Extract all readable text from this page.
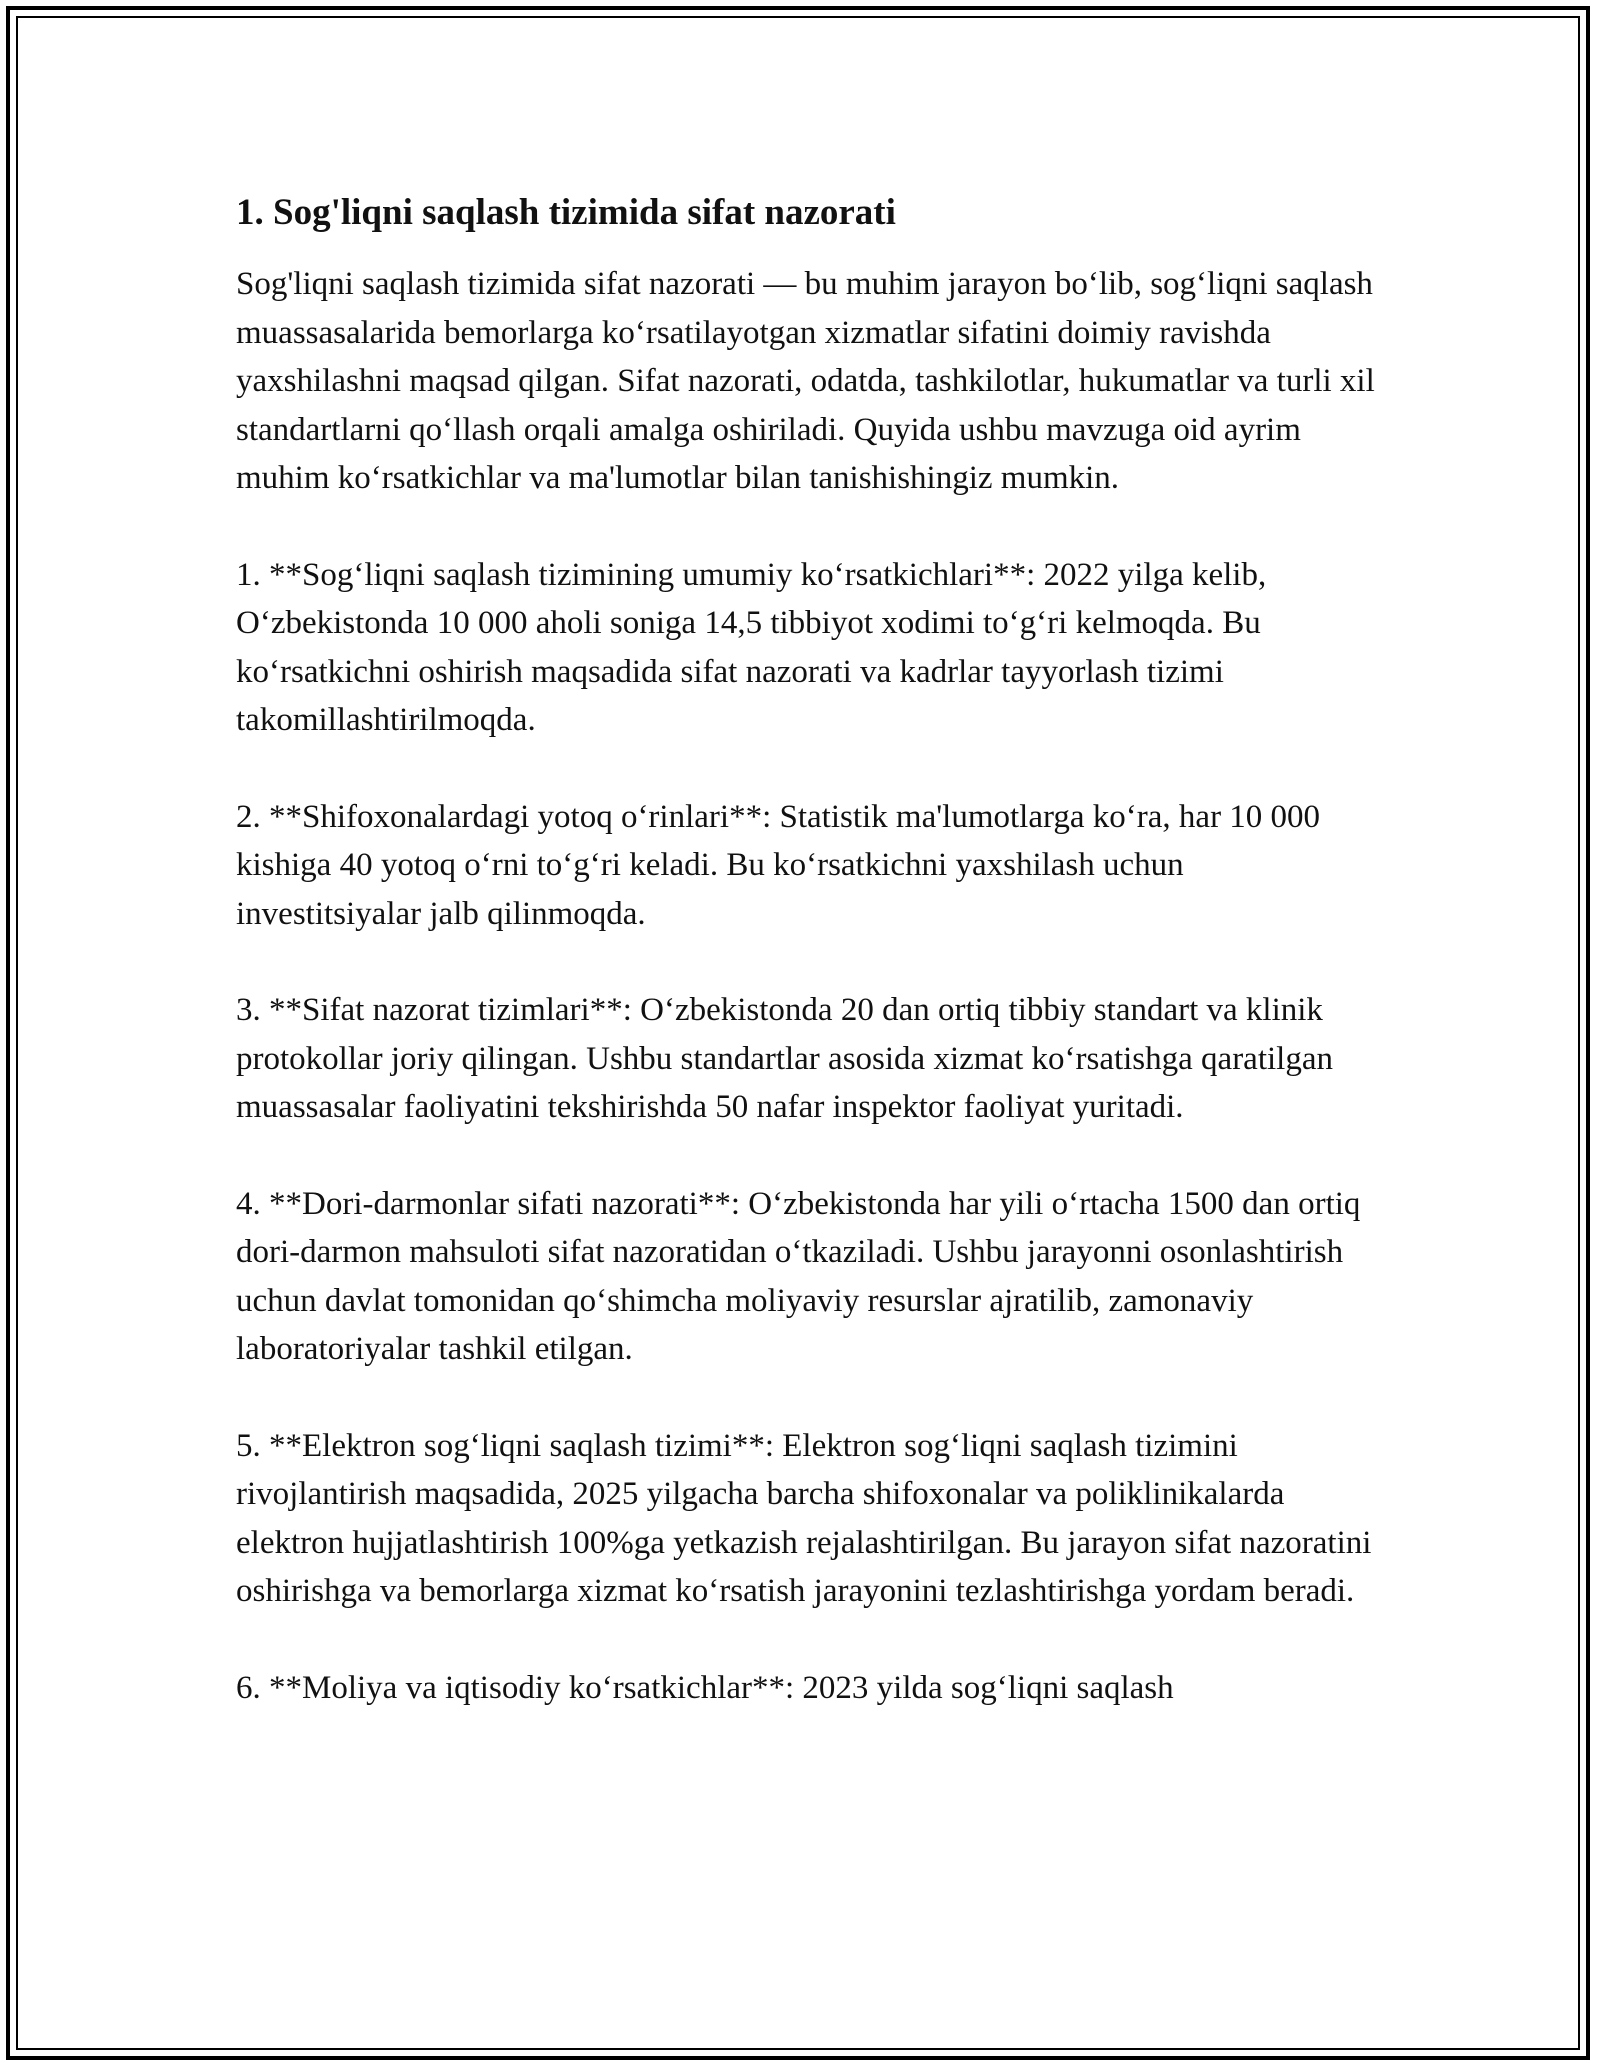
1. Sog'liqni saqlash tizimida sifat nazorati

Sog'liqni saqlash tizimida sifat nazorati — bu muhim jarayon bo‘lib, sog‘liqni saqlash muassasalarida bemorlarga ko‘rsatilayotgan xizmatlar sifatini doimiy ravishda yaxshilashni maqsad qilgan. Sifat nazorati, odatda, tashkilotlar, hukumatlar va turli xil standartlarni qo‘llash orqali amalga oshiriladi. Quyida ushbu mavzuga oid ayrim muhim ko‘rsatkichlar va ma'lumotlar bilan tanishishingiz mumkin.

1. **Sog‘liqni saqlash tizimining umumiy ko‘rsatkichlari**: 2022 yilga kelib, O‘zbekistonda 10 000 aholi soniga 14,5 tibbiyot xodimi to‘g‘ri kelmoqda. Bu ko‘rsatkichni oshirish maqsadida sifat nazorati va kadrlar tayyorlash tizimi takomillashtirilmoqda.

2. **Shifoxonalardagi yotoq o‘rinlari**: Statistik ma'lumotlarga ko‘ra, har 10 000 kishiga 40 yotoq o‘rni to‘g‘ri keladi. Bu ko‘rsatkichni yaxshilash uchun investitsiyalar jalb qilinmoqda.

3. **Sifat nazorat tizimlari**: O‘zbekistonda 20 dan ortiq tibbiy standart va klinik protokollar joriy qilingan. Ushbu standartlar asosida xizmat ko‘rsatishga qaratilgan muassasalar faoliyatini tekshirishda 50 nafar inspektor faoliyat yuritadi.

4. **Dori-darmonlar sifati nazorati**: O‘zbekistonda har yili o‘rtacha 1500 dan ortiq dori-darmon mahsuloti sifat nazoratidan o‘tkaziladi. Ushbu jarayonni osonlashtirish uchun davlat tomonidan qo‘shimcha moliyaviy resurslar ajratilib, zamonaviy laboratoriyalar tashkil etilgan.

5. **Elektron sog‘liqni saqlash tizimi**: Elektron sog‘liqni saqlash tizimini rivojlantirish maqsadida, 2025 yilgacha barcha shifoxonalar va poliklinikalarda elektron hujjatlashtirish 100%ga yetkazish rejalashtirilgan. Bu jarayon sifat nazoratini oshirishga va bemorlarga xizmat ko‘rsatish jarayonini tezlashtirishga yordam beradi.

6. **Moliya va iqtisodiy ko‘rsatkichlar**: 2023 yilda sog‘liqni saqlash
